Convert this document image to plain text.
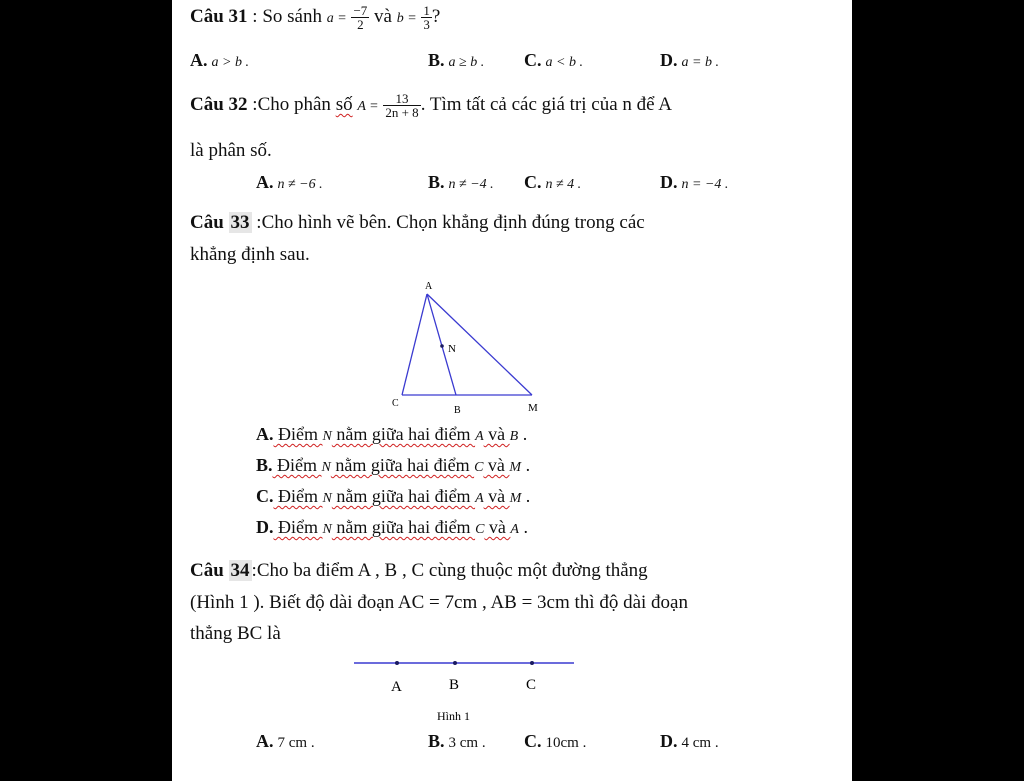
Câu 31 : So sánh $a = \frac{-7}{2}$ và $b = \frac{1}{3}$ ?
A. a > b .	B. a ≥ b . C. a < b .	D. a = b .
Câu 32 :Cho phân số $A = \frac{13}{2n + 8}$ . Tìm tất cả các giá trị của n để A
là phân số.
A. n ≠ −6 .	B. n ≠ −4 . C. n ≠ 4 .	D. n = −4 .
Câu 33 :Cho hình vẽ bên. Chọn khẳng định đúng trong các
khẳng định sau.
A
N
C
B	M
A. Điểm N nằm giữa hai điểm A và B .
B. Điểm N nằm giữa hai điểm C và M .
C. Điểm N nằm giữa hai điểm A và M .
D. Điểm N nằm giữa hai điểm C và A .
Câu 34 :Cho ba điểm A , B , C cùng thuộc một đường thẳng
(Hình 1 ). Biết độ dài đoạn AC = 7cm , AB = 3cm thì độ dài đoạn
thẳng BC là
A	B	C
Hình 1
A. 7 cm .	B. 3 cm . C. 10cm .	D. 4 cm .
